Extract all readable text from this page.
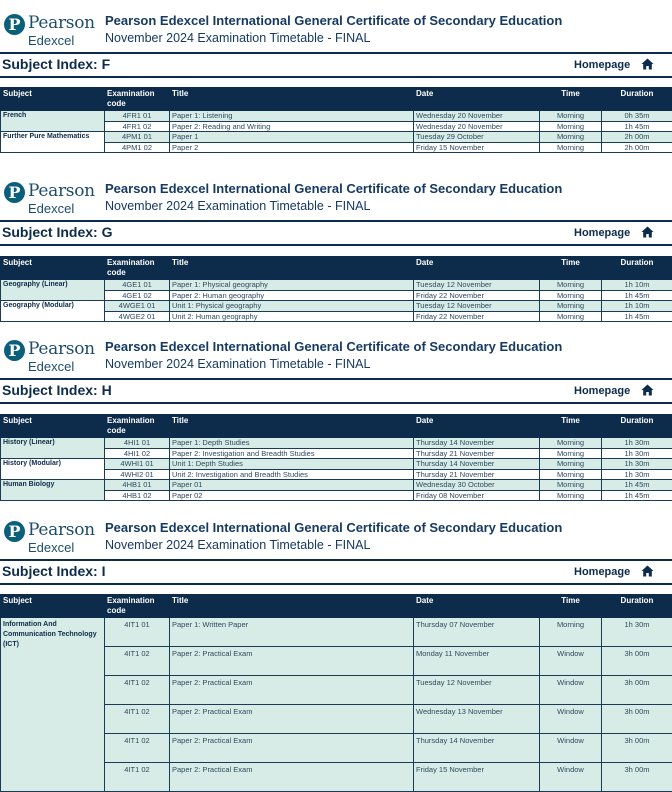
P Pearson
Edexcel
Pearson Edexcel International General Certificate of Secondary Education
November 2024 Examination Timetable - FINAL
Subject Index: F	Homepage
Subject	Examination code	Title	Date	Time	Duration
French	4FR1 01	Paper 1: Listening	Wednesday 20 November	Morning	0h 35m
	4FR1 02	Paper 2: Reading and Writing	Wednesday 20 November	Morning	1h 45m
Further Pure Mathematics	4PM1 01	Paper 1	Tuesday 29 October	Morning	2h 00m
	4PM1 02	Paper 2	Friday 15 November	Morning	2h 00m
P Pearson
Edexcel
Pearson Edexcel International General Certificate of Secondary Education
November 2024 Examination Timetable - FINAL
Subject Index: G	Homepage
Subject	Examination code	Title	Date	Time	Duration
Geography (Linear)	4GE1 01	Paper 1: Physical geography	Tuesday 12 November	Morning	1h 10m
	4GE1 02	Paper 2: Human geography	Friday 22 November	Morning	1h 45m
Geography (Modular)	4WGE1 01	Unit 1: Physical geography	Tuesday 12 November	Morning	1h 10m
	4WGE2 01	Unit 2: Human geography	Friday 22 November	Morning	1h 45m
P Pearson
Edexcel
Pearson Edexcel International General Certificate of Secondary Education
November 2024 Examination Timetable - FINAL
Subject Index: H	Homepage
Subject	Examination code	Title	Date	Time	Duration
History (Linear)	4HI1 01	Paper 1: Depth Studies	Thursday 14 November	Morning	1h 30m
	4HI1 02	Paper 2: Investigation and Breadth Studies	Thursday 21 November	Morning	1h 30m
History (Modular)	4WHI1 01	Unit 1: Depth Studies	Thursday 14 November	Morning	1h 30m
	4WHI2 01	Unit 2: Investigation and Breadth Studies	Thursday 21 November	Morning	1h 30m
Human Biology	4HB1 01	Paper 01	Wednesday 30 October	Morning	1h 45m
	4HB1 02	Paper 02	Friday 08 November	Morning	1h 45m
P Pearson
Edexcel
Pearson Edexcel International General Certificate of Secondary Education
November 2024 Examination Timetable - FINAL
Subject Index: I	Homepage
Subject	Examination code	Title	Date	Time	Duration
Information And Communication Technology (ICT)	4IT1 01	Paper 1: Written Paper	Thursday 07 November	Morning	1h 30m
	4IT1 02	Paper 2: Practical Exam	Monday 11 November	Window	3h 00m
	4IT1 02	Paper 2: Practical Exam	Tuesday 12 November	Window	3h 00m
	4IT1 02	Paper 2: Practical Exam	Wednesday 13 November	Window	3h 00m
	4IT1 02	Paper 2: Practical Exam	Thursday 14 November	Window	3h 00m
	4IT1 02	Paper 2: Practical Exam	Friday 15 November	Window	3h 00m
